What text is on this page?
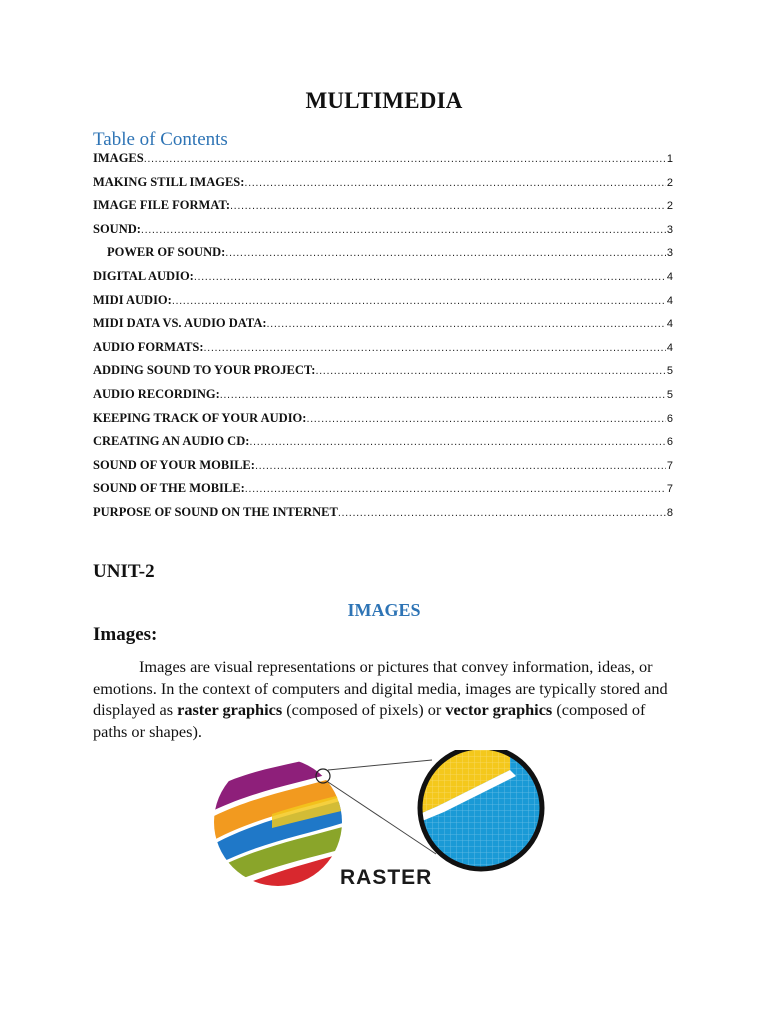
MULTIMEDIA
Table of Contents
IMAGES .....	1
MAKING STILL IMAGES: .....	2
IMAGE FILE FORMAT: .....	2
SOUND: .....	3
POWER OF SOUND: .....	3
DIGITAL AUDIO: .....	4
MIDI AUDIO: .....	4
MIDI DATA VS. AUDIO DATA: .....	4
AUDIO FORMATS: .....	4
ADDING SOUND TO YOUR PROJECT: .....	5
AUDIO RECORDING: .....	5
KEEPING TRACK OF YOUR AUDIO: .....	6
CREATING AN AUDIO CD: .....	6
SOUND OF YOUR MOBILE: .....	7
SOUND OF THE MOBILE: .....	7
PURPOSE OF SOUND ON THE INTERNET .....	8
UNIT-2
IMAGES
Images:
Images are visual representations or pictures that convey information, ideas, or emotions. In the context of computers and digital media, images are typically stored and displayed as raster graphics (composed of pixels) or vector graphics (composed of paths or shapes).
RASTER
